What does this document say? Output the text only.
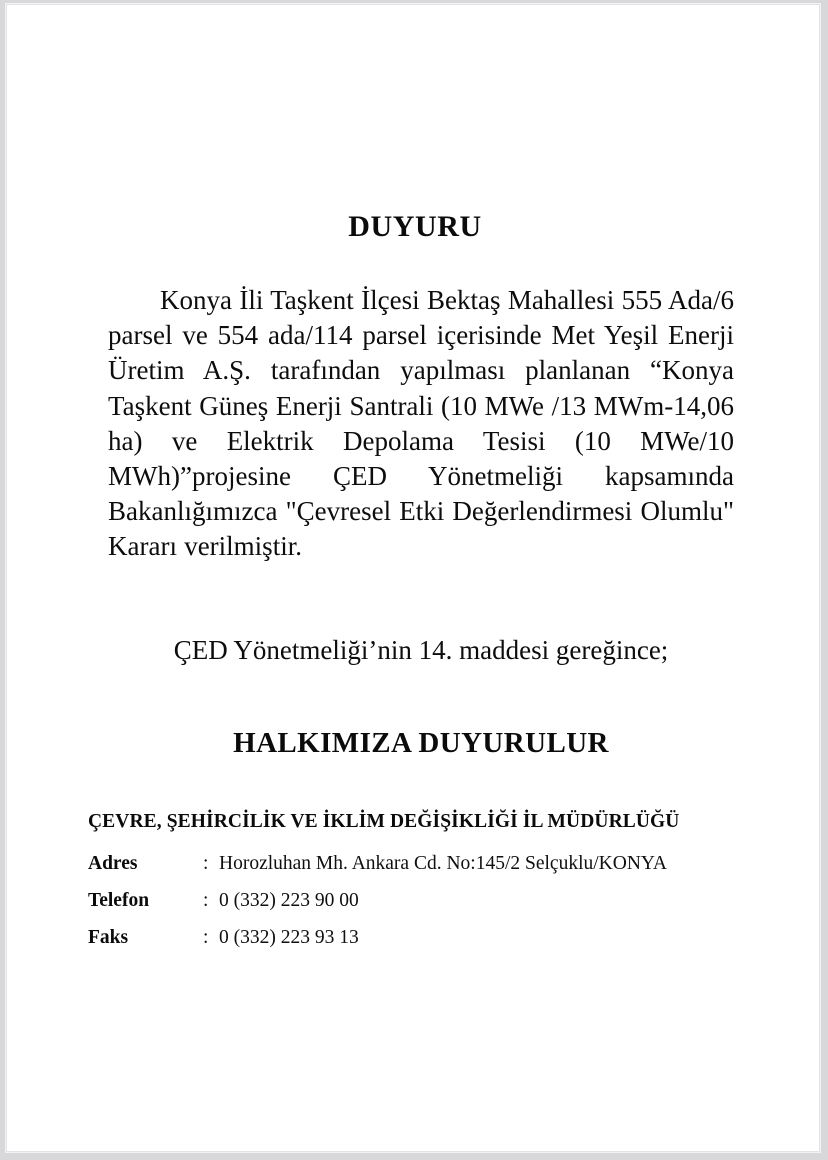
DUYURU

Konya İli Taşkent İlçesi Bektaş Mahallesi 555 Ada/6 parsel ve 554 ada/114 parsel içerisinde Met Yeşil Enerji Üretim A.Ş. tarafından yapılması planlanan “Konya Taşkent Güneş Enerji Santrali (10 MWe /13 MWm-14,06 ha) ve Elektrik Depolama Tesisi (10 MWe/10 MWh)”projesine ÇED Yönetmeliği kapsamında Bakanlığımızca "Çevresel Etki Değerlendirmesi Olumlu" Kararı verilmiştir.

ÇED Yönetmeliği’nin 14. maddesi gereğince;

HALKIMIZA DUYURULUR

ÇEVRE, ŞEHİRCİLİK VE İKLİM DEĞİŞİKLİĞİ İL MÜDÜRLÜĞÜ
Adres	:	Horozluhan Mh. Ankara Cd. No:145/2 Selçuklu/KONYA
Telefon	:	0 (332) 223 90 00
Faks	:	0 (332) 223 93 13
